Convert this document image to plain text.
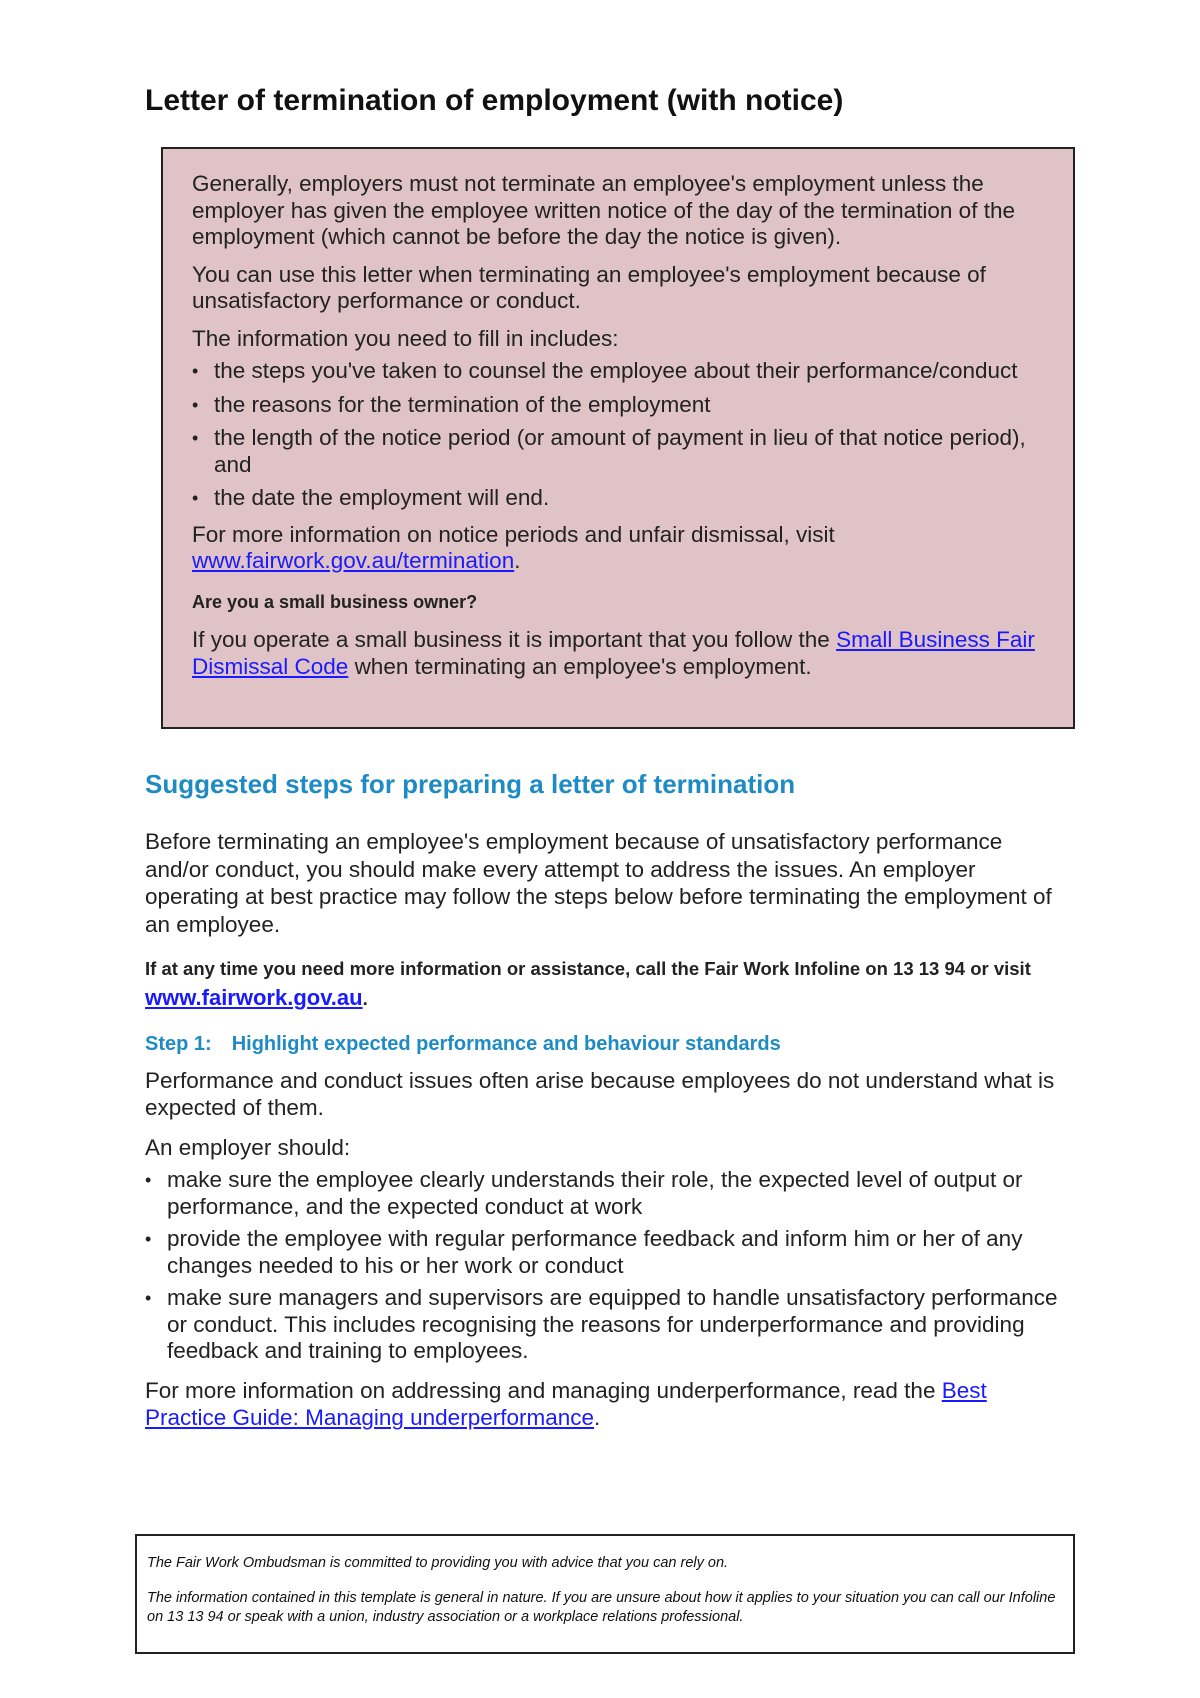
Letter of termination of employment (with notice)

Generally, employers must not terminate an employee's employment unless the employer has given the employee written notice of the day of the termination of the employment (which cannot be before the day the notice is given).

You can use this letter when terminating an employee's employment because of unsatisfactory performance or conduct.

The information you need to fill in includes:

• the steps you've taken to counsel the employee about their performance/conduct
• the reasons for the termination of the employment
• the length of the notice period (or amount of payment in lieu of that notice period), and
• the date the employment will end.

For more information on notice periods and unfair dismissal, visit www.fairwork.gov.au/termination.

Are you a small business owner?

If you operate a small business it is important that you follow the Small Business Fair Dismissal Code when terminating an employee's employment.

Suggested steps for preparing a letter of termination

Before terminating an employee's employment because of unsatisfactory performance and/or conduct, you should make every attempt to address the issues. An employer operating at best practice may follow the steps below before terminating the employment of an employee.

If at any time you need more information or assistance, call the Fair Work Infoline on 13 13 94 or visit www.fairwork.gov.au.

Step 1: Highlight expected performance and behaviour standards

Performance and conduct issues often arise because employees do not understand what is expected of them.

An employer should:

• make sure the employee clearly understands their role, the expected level of output or performance, and the expected conduct at work
• provide the employee with regular performance feedback and inform him or her of any changes needed to his or her work or conduct
• make sure managers and supervisors are equipped to handle unsatisfactory performance or conduct. This includes recognising the reasons for underperformance and providing feedback and training to employees.

For more information on addressing and managing underperformance, read the Best Practice Guide: Managing underperformance.

The Fair Work Ombudsman is committed to providing you with advice that you can rely on.

The information contained in this template is general in nature. If you are unsure about how it applies to your situation you can call our Infoline on 13 13 94 or speak with a union, industry association or a workplace relations professional.
